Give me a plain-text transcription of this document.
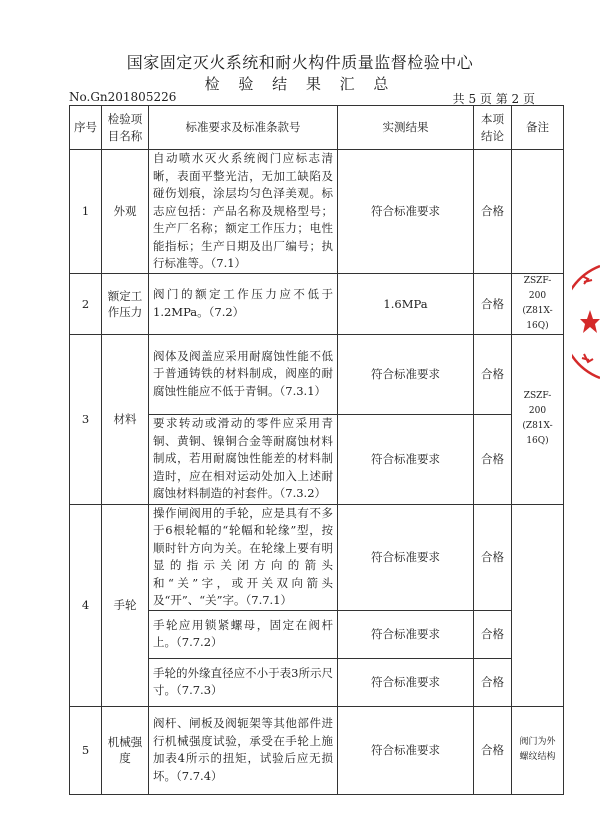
国家固定灭火系统和耐火构件质量监督检验中心
检 验 结 果 汇 总
No.Gn201805226	共 5 页 第 2 页
序号	检验项目名称	标准要求及标准条款号	实测结果	本项结论	备注
1	外观	自动喷水灭火系统阀门应标志清晰，表面平整光洁，无加工缺陷及碰伤划痕，涂层均匀色泽美观。标志应包括：产品名称及规格型号；生产厂名称；额定工作压力；电性能指标；生产日期及出厂编号；执行标准等。（7.1）	符合标准要求	合格	
2	额定工作压力	阀门的额定工作压力应不低于1.2MPa。（7.2）	1.6MPa	合格	ZSZF-200 (Z81X-16Q)
3	材料	阀体及阀盖应采用耐腐蚀性能不低于普通铸铁的材料制成，阀座的耐腐蚀性能应不低于青铜。（7.3.1）	符合标准要求	合格	ZSZF-200 (Z81X-16Q)
		要求转动或滑动的零件应采用青铜、黄铜、镍铜合金等耐腐蚀材料制成，若用耐腐蚀性能差的材料制造时，应在相对运动处加入上述耐腐蚀材料制造的衬套件。（7.3.2）	符合标准要求	合格	
4	手轮	操作闸阀用的手轮，应是具有不多于6根轮幅的“轮幅和轮缘”型，按顺时针方向为关。在轮缘上要有明显的指示关闭方向的箭头和“关”字，或开关双向箭头及“开”、“关”字。（7.7.1）	符合标准要求	合格	
		手轮应用锁紧螺母，固定在阀杆上。（7.7.2）	符合标准要求	合格	
		手轮的外缘直径应不小于表3所示尺寸。（7.7.3）	符合标准要求	合格	
5	机械强度	阀杆、闸板及阀轭架等其他部件进行机械强度试验，承受在手轮上施加表4所示的扭矩，试验后应无损坏。（7.7.4）	符合标准要求	合格	阀门为外螺纹结构
